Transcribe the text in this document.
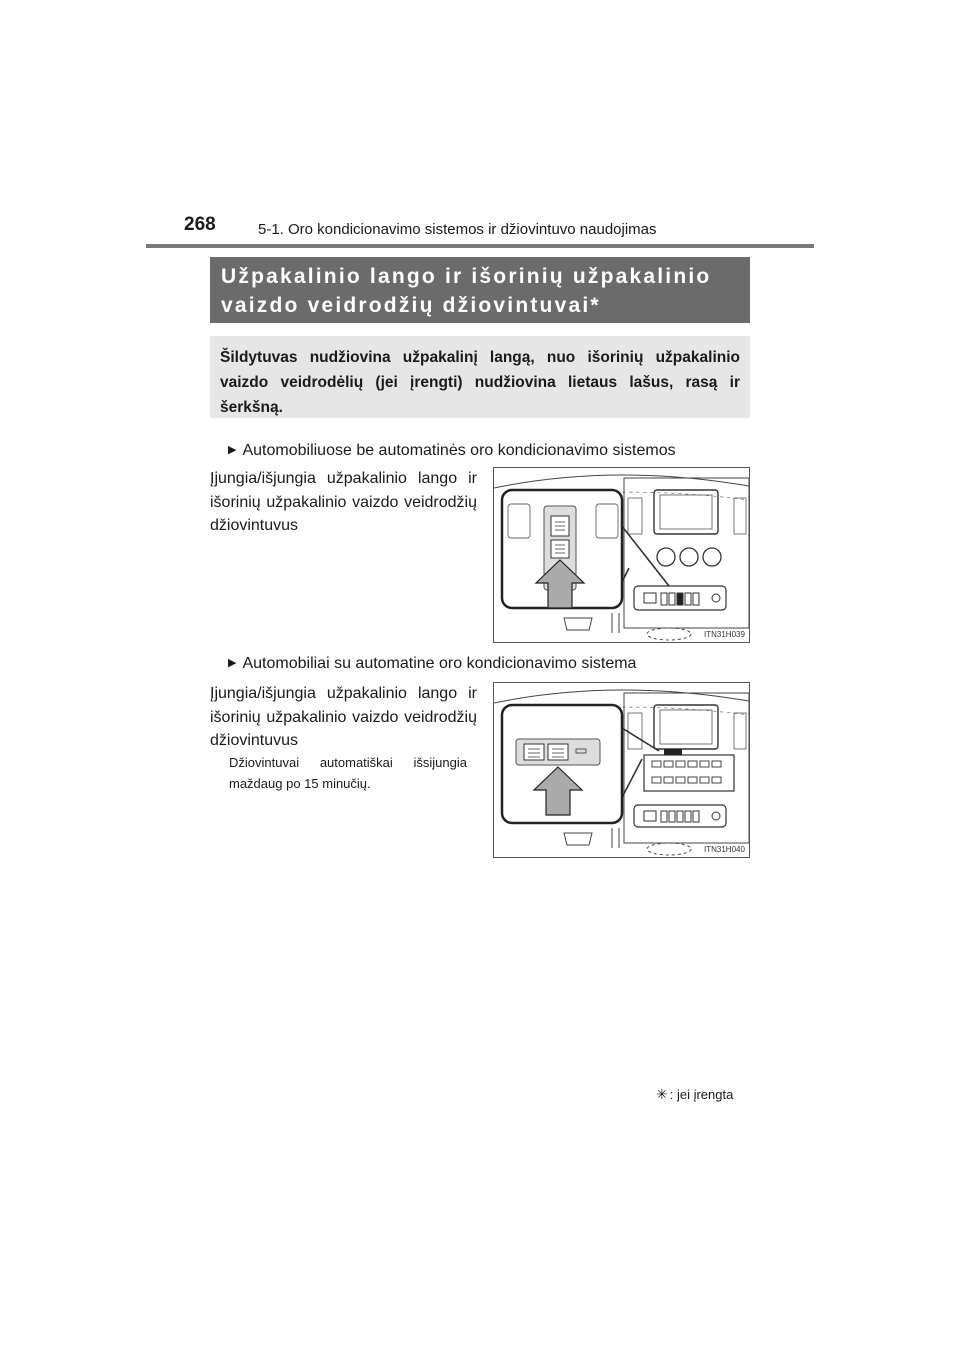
268	5-1. Oro kondicionavimo sistemos ir džiovintuvo naudojimas
Užpakalinio lango ir išorinių užpakalinio
vaizdo veidrodžių džiovintuvai*
Šildytuvas nudžiovina užpakalinį langą, nuo išorinių užpakalinio vaizdo veidrodėlių (jei įrengti) nudžiovina lietaus lašus, rasą ir šerkšną.
▶ Automobiliuose be automatinės oro kondicionavimo sistemos
Įjungia/išjungia užpakalinio lango ir išorinių užpakalinio vaizdo veidrodžių džiovintuvus
ITN31H039
▶ Automobiliai su automatine oro kondicionavimo sistema
Įjungia/išjungia užpakalinio lango ir išorinių užpakalinio vaizdo veidrodžių džiovintuvus
Džiovintuvai automatiškai išsijungia maždaug po 15 minučių.
ITN31H040
✳ : jei įrengta
